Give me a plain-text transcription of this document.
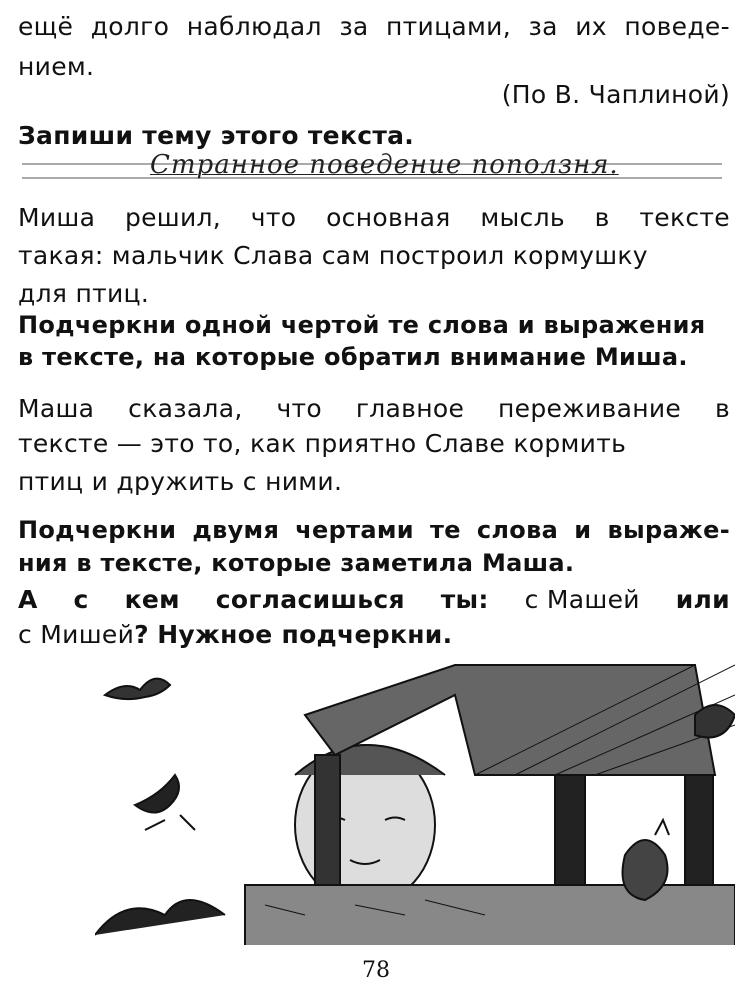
ещё долго наблюдал за птицами, за их поведе-
нием.
(По В. Чаплиной)
Запиши тему этого текста.
Странное поведение поползня.
Миша решил, что основная мысль в тексте
такая: мальчик Слава сам построил кормушку
для птиц.
Подчеркни одной чертой те слова и выражения
в тексте, на которые обратил внимание Миша.
Маша сказала, что главное переживание в
тексте — это то, как приятно Славе кормить
птиц и дружить с ними.
Подчеркни двумя чертами те слова и выраже-
ния в тексте, которые заметила Маша.
А с кем согласишься ты: с Машей или
с Мишей? Нужное подчеркни.
78
